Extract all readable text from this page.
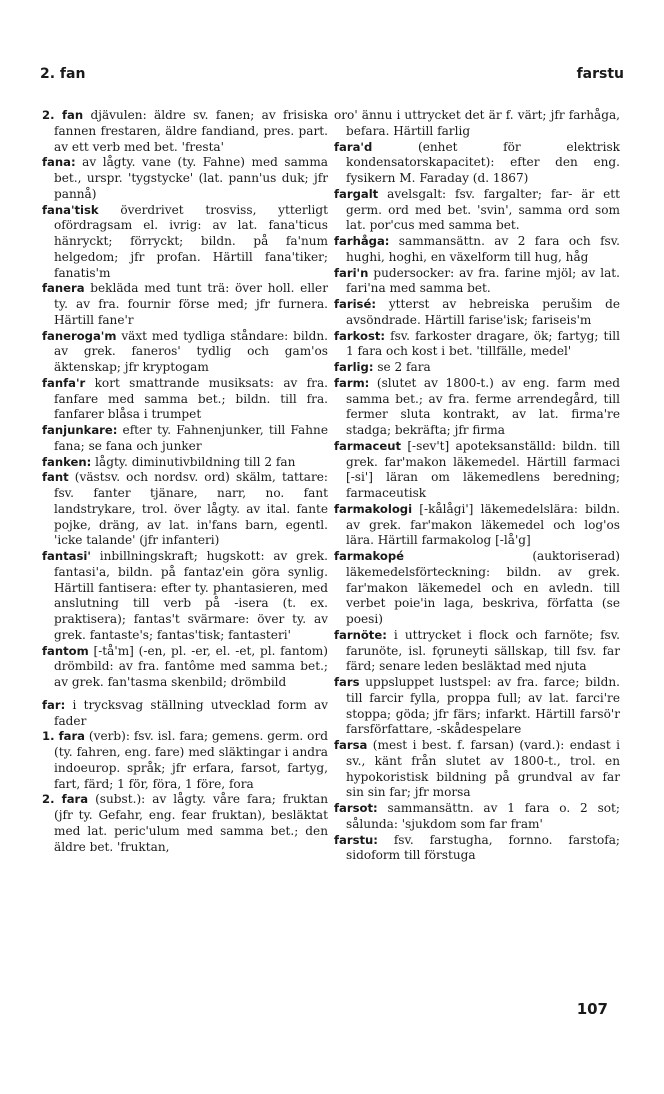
2. fan	farstu

2. fan djävulen: äldre sv. fanen; av frisiska fannen frestaren, äldre fandiand, pres. part. av ett verb med bet. 'fresta'

fana: av lågty. vane (ty. Fahne) med samma bet., urspr. 'tygstycke' (lat. pann'us duk; jfr pannå)

fana'tisk överdrivet trosviss, ytterligt ofördragsam el. ivrig: av lat. fana'ticus hänryckt; förryckt; bildn. på fa'num helgedom; jfr profan. Härtill fana'tiker; fanatis'm

fanera bekläda med tunt trä: över holl. eller ty. av fra. fournir förse med; jfr furnera. Härtill fane'r

faneroga'm växt med tydliga ståndare: bildn. av grek. faneros' tydlig och gam'os äktenskap; jfr kryptogam

fanfa'r kort smattrande musiksats: av fra. fanfare med samma bet.; bildn. till fra. fanfarer blåsa i trumpet

fanjunkare: efter ty. Fahnenjunker, till Fahne fana; se fana och junker

fanken: lågty. diminutivbildning till 2 fan

fant (västsv. och nordsv. ord) skälm, tattare: fsv. fanter tjänare, narr, no. fant landstrykare, trol. över lågty. av ital. fante pojke, dräng, av lat. in'fans barn, egentl. 'icke talande' (jfr infanteri)

fantasi' inbillningskraft; hugskott: av grek. fantasi'a, bildn. på fantaz'ein göra synlig. Härtill fantisera: efter ty. phantasieren, med anslutning till verb på -isera (t. ex. praktisera); fantas't svärmare: över ty. av grek. fantaste's; fantas'tisk; fantasteri'

fantom [-tå'm] (-en, pl. -er, el. -et, pl. fantom) drömbild: av fra. fantôme med samma bet.; av grek. fan'tasma skenbild; drömbild

far: i trycksvag ställning utvecklad form av fader

1. fara (verb): fsv. isl. fara; gemens. germ. ord (ty. fahren, eng. fare) med släktingar i andra indoeurop. språk; jfr erfara, farsot, fartyg, fart, färd; 1 för, föra, 1 före, fora

2. fara (subst.): av lågty. våre fara; fruktan (jfr ty. Gefahr, eng. fear fruktan), besläktat med lat. peric'ulum med samma bet.; den äldre bet. 'fruktan,

oro' ännu i uttrycket det är f. värt; jfr farhåga, befara. Härtill farlig

fara'd (enhet för elektrisk kondensatorskapacitet): efter den eng. fysikern M. Faraday (d. 1867)

fargalt avelsgalt: fsv. fargalter; far- är ett germ. ord med bet. 'svin', samma ord som lat. por'cus med samma bet.

farhåga: sammansättn. av 2 fara och fsv. hughi, hoghi, en växelform till hug, håg

fari'n pudersocker: av fra. farine mjöl; av lat. fari'na med samma bet.

farisé: ytterst av hebreiska perušim de avsöndrade. Härtill farise'isk; fariseis'm

farkost: fsv. farkoster dragare, ök; fartyg; till 1 fara och kost i bet. 'tillfälle, medel'

farlig: se 2 fara

farm: (slutet av 1800-t.) av eng. farm med samma bet.; av fra. ferme arrendegård, till fermer sluta kontrakt, av lat. firma're stadga; bekräfta; jfr firma

farmaceut [-sev't] apoteksanställd: bildn. till grek. far'makon läkemedel. Härtill farmaci [-si'] läran om läkemedlens beredning; farmaceutisk

farmakologi [-kålågi'] läkemedelslära: bildn. av grek. far'makon läkemedel och log'os lära. Härtill farmakolog [-lå'g]

farmakopé (auktoriserad) läkemedelsförteckning: bildn. av grek. far'makon läkemedel och en avledn. till verbet poie'in laga, beskriva, författa (se poesi)

farnöte: i uttrycket i flock och farnöte; fsv. farunöte, isl. fǫruneyti sällskap, till fsv. far färd; senare leden besläktad med njuta

fars uppsluppet lustspel: av fra. farce; bildn. till farcir fylla, proppa full; av lat. farci're stoppa; göda; jfr färs; infarkt. Härtill farsö'r farsförfattare, -skådespelare

farsa (mest i best. f. farsan) (vard.): endast i sv., känt från slutet av 1800-t., trol. en hypokoristisk bildning på grundval av far sin sin far; jfr morsa

farsot: sammansättn. av 1 fara o. 2 sot; sålunda: 'sjukdom som far fram'

farstu: fsv. farstugha, fornno. farstofa; sidoform till förstuga

107
